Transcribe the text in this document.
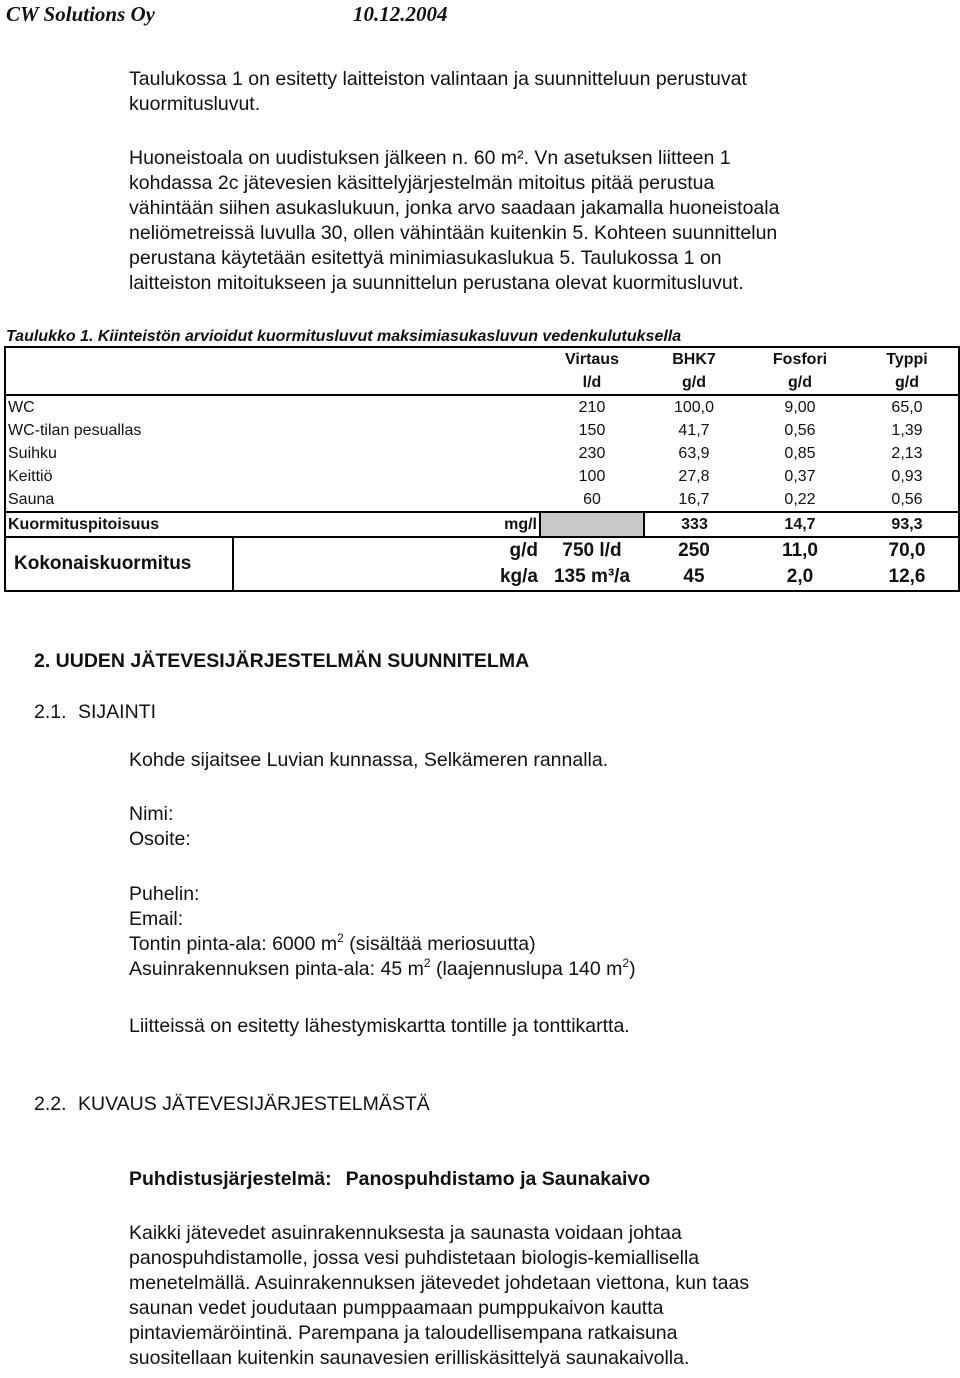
CW Solutions Oy	10.12.2004
Taulukossa 1 on esitetty laitteiston valintaan ja suunnitteluun perustuvat
kuormitusluvut.
Huoneistoala on uudistuksen jälkeen n. 60 m². Vn asetuksen liitteen 1
kohdassa 2c jätevesien käsittelyjärjestelmän mitoitus pitää perustua
vähintään siihen asukaslukuun, jonka arvo saadaan jakamalla huoneistoala
neliömetreissä luvulla 30, ollen vähintään kuitenkin 5. Kohteen suunnittelun
perustana käytetään esitettyä minimiasukaslukua 5. Taulukossa 1 on
laitteiston mitoitukseen ja suunnittelun perustana olevat kuormitusluvut.
Taulukko 1. Kiinteistön arvioidut kuormitusluvut maksimiasukasluvun vedenkulutuksella
			Virtaus	BHK7	Fosfori	Typpi
			l/d	g/d	g/d	g/d
WC			210	100,0	9,00	65,0
WC-tilan pesuallas			150	41,7	0,56	1,39
Suihku			230	63,9	0,85	2,13
Keittiö			100	27,8	0,37	0,93
Sauna			60	16,7	0,22	0,56
Kuormituspitoisuus		mg/l		333	14,7	93,3
Kokonaiskuormitus		g/d	750 l/d	250	11,0	70,0
		kg/a	135 m³/a	45	2,0	12,6
2. UUDEN JÄTEVESIJÄRJESTELMÄN SUUNNITELMA
2.1. SIJAINTI
Kohde sijaitsee Luvian kunnassa, Selkämeren rannalla.
Nimi:
Osoite:
Puhelin:
Email:
Tontin pinta-ala: 6000 $m^2$ (sisältää meriosuutta)
Asuinrakennuksen pinta-ala: 45 $m^2$ (laajennuslupa 140 $m^2$)
Liitteissä on esitetty lähestymiskartta tontille ja tonttikartta.
2.2. KUVAUS JÄTEVESIJÄRJESTELMÄSTÄ
Puhdistusjärjestelmä: Panospuhdistamo ja Saunakaivo
Kaikki jätevedet asuinrakennuksesta ja saunasta voidaan johtaa
panospuhdistamolle, jossa vesi puhdistetaan biologis-kemiallisella
menetelmällä. Asuinrakennuksen jätevedet johdetaan viettona, kun taas
saunan vedet joudutaan pumppaamaan pumppukaivon kautta
pintaviemäröintinä. Parempana ja taloudellisempana ratkaisuna
suositellaan kuitenkin saunavesien erilliskäsittelyä saunakaivolla.
